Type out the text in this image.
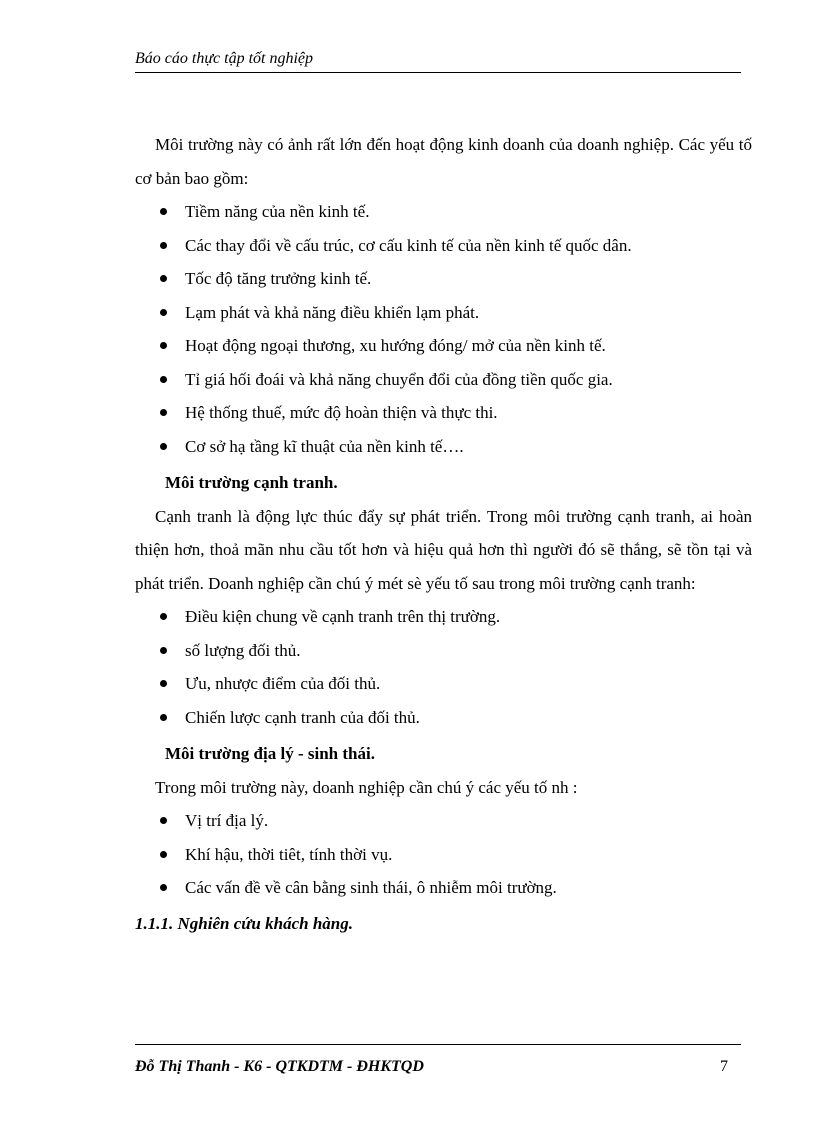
Báo cáo thực tập tốt nghiệp

Môi trường này có ảnh rất lớn đến hoạt động kinh doanh của doanh nghiệp. Các yếu tố cơ bản bao gồm:

Tiềm năng của nền kinh tế.
Các thay đổi về cấu trúc, cơ cấu kinh tế của nền kinh tế quốc dân.
Tốc độ tăng trưởng kinh tế.
Lạm phát và khả năng điều khiển lạm phát.
Hoạt động ngoại thương, xu hướng đóng/ mở của nền kinh tế.
Tỉ giá hối đoái và khả năng chuyển đổi của đồng tiền quốc gia.
Hệ thống thuế, mức độ hoàn thiện và thực thi.
Cơ sở hạ tầng kĩ thuật của nền kinh tế….

Môi trường cạnh tranh.

Cạnh tranh là động lực thúc đẩy sự phát triển. Trong môi trường cạnh tranh, ai hoàn thiện hơn, thoả mãn nhu cầu tốt hơn và hiệu quả hơn thì người đó sẽ thắng, sẽ tồn tại và phát triển. Doanh nghiệp cần chú ý mét sè yếu tố sau trong môi trường cạnh tranh:

Điều kiện chung về cạnh tranh trên thị trường.
số lượng đối thủ.
Ưu, nhược điểm của đối thủ.
Chiến lược cạnh tranh của đối thủ.

Môi trường địa lý - sinh thái.

Trong môi trường này, doanh nghiệp cần chú ý các yếu tố nh :

Vị trí địa lý.
Khí hậu, thời tiêt, tính thời vụ.
Các vấn đề về cân bằng sinh thái, ô nhiễm môi trường.

1.1.1. Nghiên cứu khách hàng.

Đỗ Thị Thanh - K6 - QTKDTM - ĐHKTQD	7
